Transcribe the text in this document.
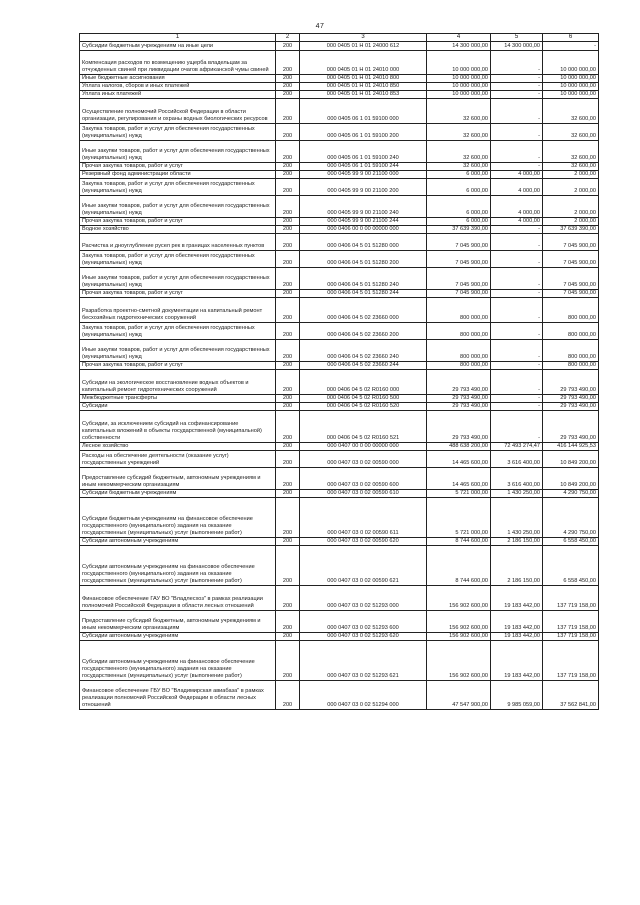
47
1	2	3	4	5	6
Субсидии бюджетным учреждениям на иные цели	200	000 0405 01 Н 01 24000 612	14 300 000,00	14 300 000,00	-
Компенсация расходов по возмещению ущерба владельцам за отчужденных свиней при ликвидации очагов африканской чумы свиней	200	000 0405 01 Н 01 24010 000	10 000 000,00	-	10 000 000,00
Иные бюджетные ассигнования	200	000 0405 01 Н 01 24010 800	10 000 000,00	-	10 000 000,00
Уплата налогов, сборов и иных платежей	200	000 0405 01 Н 01 24010 850	10 000 000,00	-	10 000 000,00
Уплата иных платежей	200	000 0405 01 Н 01 24010 853	10 000 000,00	-	10 000 000,00
Осуществление полномочий Российской Федерации в области организации, регулирования и охраны водных биологических ресурсов	200	000 0405 06 1 01 59100 000	32 600,00	-	32 600,00
Закупка товаров, работ и услуг для обеспечения государственных (муниципальных) нужд	200	000 0405 06 1 01 59100 200	32 600,00	-	32 600,00
Иные закупки товаров, работ и услуг для обеспечения государственных (муниципальных) нужд	200	000 0405 06 1 01 59100 240	32 600,00	-	32 600,00
Прочая закупка товаров, работ и услуг	200	000 0405 06 1 01 59100 244	32 600,00	-	32 600,00
Резервный фонд администрации области	200	000 0405 99 9 00 21100 000	6 000,00	4 000,00	2 000,00
Закупка товаров, работ и услуг для обеспечения государственных (муниципальных) нужд	200	000 0405 99 9 00 21100 200	6 000,00	4 000,00	2 000,00
Иные закупки товаров, работ и услуг для обеспечения государственных (муниципальных) нужд	200	000 0405 99 9 00 21100 240	6 000,00	4 000,00	2 000,00
Прочая закупка товаров, работ и услуг	200	000 0405 99 9 00 21100 244	6 000,00	4 000,00	2 000,00
Водное хозяйство	200	000 0406 00 0 00 00000 000	37 639 390,00	-	37 639 390,00
Расчистка и дноуглубление русел рек в границах населенных пунктов	200	000 0406 04 5 01 51280 000	7 045 900,00	-	7 045 900,00
Закупка товаров, работ и услуг для обеспечения государственных (муниципальных) нужд	200	000 0406 04 5 01 51280 200	7 045 900,00	-	7 045 900,00
Иные закупки товаров, работ и услуг для обеспечения государственных (муниципальных) нужд	200	000 0406 04 5 01 51280 240	7 045 900,00	-	7 045 900,00
Прочая закупка товаров, работ и услуг	200	000 0406 04 5 01 51280 244	7 045 900,00	-	7 045 900,00
Разработка проектно-сметной документации на капитальный ремонт бесхозяйных гидротехнических сооружений	200	000 0406 04 5 02 23660 000	800 000,00	-	800 000,00
Закупка товаров, работ и услуг для обеспечения государственных (муниципальных) нужд	200	000 0406 04 5 02 23660 200	800 000,00	-	800 000,00
Иные закупки товаров, работ и услуг для обеспечения государственных (муниципальных) нужд	200	000 0406 04 5 02 23660 240	800 000,00	-	800 000,00
Прочая закупка товаров, работ и услуг	200	000 0406 04 5 02 23660 244	800 000,00	-	800 000,00
Субсидии на экологическое восстановление водных объектов и капитальный ремонт гидротехнических сооружений	200	000 0406 04 5 02 R0160 000	29 793 490,00	-	29 793 490,00
Межбюджетные трансферты	200	000 0406 04 5 02 R0160 500	29 793 490,00	-	29 793 490,00
Субсидии	200	000 0406 04 5 02 R0160 520	29 793 490,00	-	29 793 490,00
Субсидии, за исключением субсидий на софинансирование капитальных вложений в объекты государственной (муниципальной) собственности	200	000 0406 04 5 02 R0160 521	29 793 490,00	-	29 793 490,00
Лесное хозяйство	200	000 0407 00 0 00 00000 000	488 638 200,00	72 493 274,47	416 144 925,53
Расходы на обеспечение деятельности (оказание услуг) государственных учреждений	200	000 0407 03 0 02 00590 000	14 465 600,00	3 616 400,00	10 849 200,00
Предоставление субсидий бюджетным, автономным учреждениям и иным некоммерческим организациям	200	000 0407 03 0 02 00590 600	14 465 600,00	3 616 400,00	10 849 200,00
Субсидии бюджетным учреждениям	200	000 0407 03 0 02 00590 610	5 721 000,00	1 430 250,00	4 290 750,00
Субсидии бюджетным учреждениям на финансовое обеспечение государственного (муниципального) задания на оказание государственных (муниципальных) услуг (выполнение работ)	200	000 0407 03 0 02 00590 611	5 721 000,00	1 430 250,00	4 290 750,00
Субсидии автономным учреждениям	200	000 0407 03 0 02 00590 620	8 744 600,00	2 186 150,00	6 558 450,00
Субсидии автономным учреждениям на финансовое обеспечение государственного (муниципального) задания на оказание государственных (муниципальных) услуг (выполнение работ)	200	000 0407 03 0 02 00590 621	8 744 600,00	2 186 150,00	6 558 450,00
Финансовое обеспечение ГАУ ВО "Владлесхоз" в рамках реализации полномочий Российской Федерации в области лесных отношений	200	000 0407 03 0 02 51293 000	156 902 600,00	19 183 442,00	137 719 158,00
Предоставление субсидий бюджетным, автономным учреждениям и иным некоммерческим организациям	200	000 0407 03 0 02 51293 600	156 902 600,00	19 183 442,00	137 719 158,00
Субсидии автономным учреждениям	200	000 0407 03 0 02 51293 620	156 902 600,00	19 183 442,00	137 719 158,00
Субсидии автономным учреждениям на финансовое обеспечение государственного (муниципального) задания на оказание государственных (муниципальных) услуг (выполнение работ)	200	000 0407 03 0 02 51293 621	156 902 600,00	19 183 442,00	137 719 158,00
Финансовое обеспечение ГБУ ВО "Владимирская авиабаза" в рамках реализации полномочий Российской Федерации в области лесных отношений	200	000 0407 03 0 02 51294 000	47 547 900,00	9 985 059,00	37 562 841,00
